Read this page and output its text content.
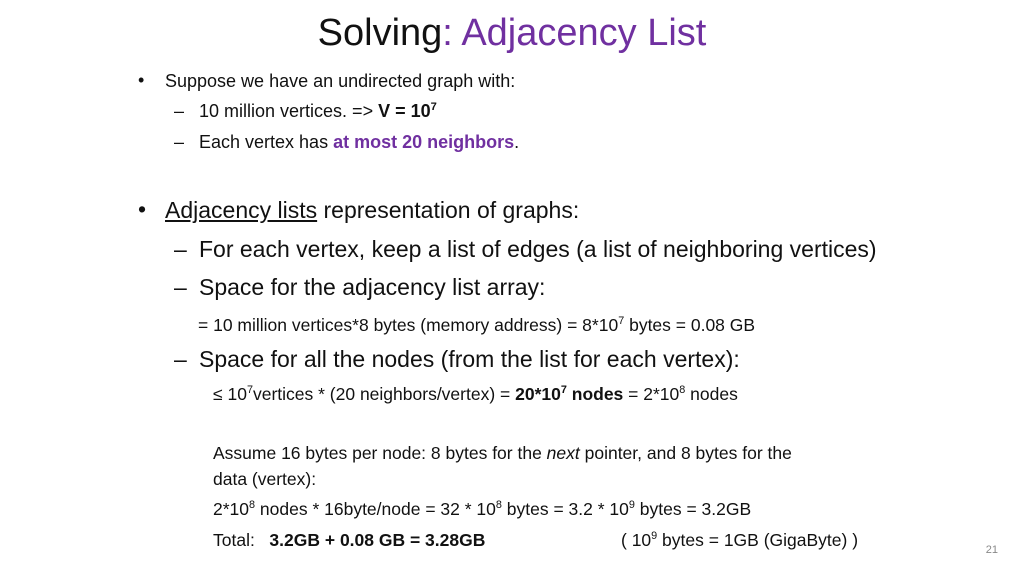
Solving: Adjacency List
• Suppose we have an undirected graph with:
– 10 million vertices. => $V = 10^7$
– Each vertex has at most 20 neighbors.
• Adjacency lists representation of graphs:
– For each vertex, keep a list of edges (a list of neighboring vertices)
– Space for the adjacency list array:
= 10 million vertices*8 bytes (memory address) = $8*10^7$ bytes = 0.08 GB
– Space for all the nodes (from the list for each vertex):
≤ $10^7vertices * (20$ neighbors/vertex) = $20*10^7$ nodes = $2*10^8$ nodes
Assume 16 bytes per node: 8 bytes for the next pointer, and 8 bytes for the
data (vertex):
$2*10^8$ nodes * 16byte/node = $32 * 10^8$ bytes = $3.2 * 10^9$ bytes = 3.2GB
Total:   3.2GB + 0.08 GB = 3.28GB	( $10^9$ bytes = 1GB (GigaByte) )	21
